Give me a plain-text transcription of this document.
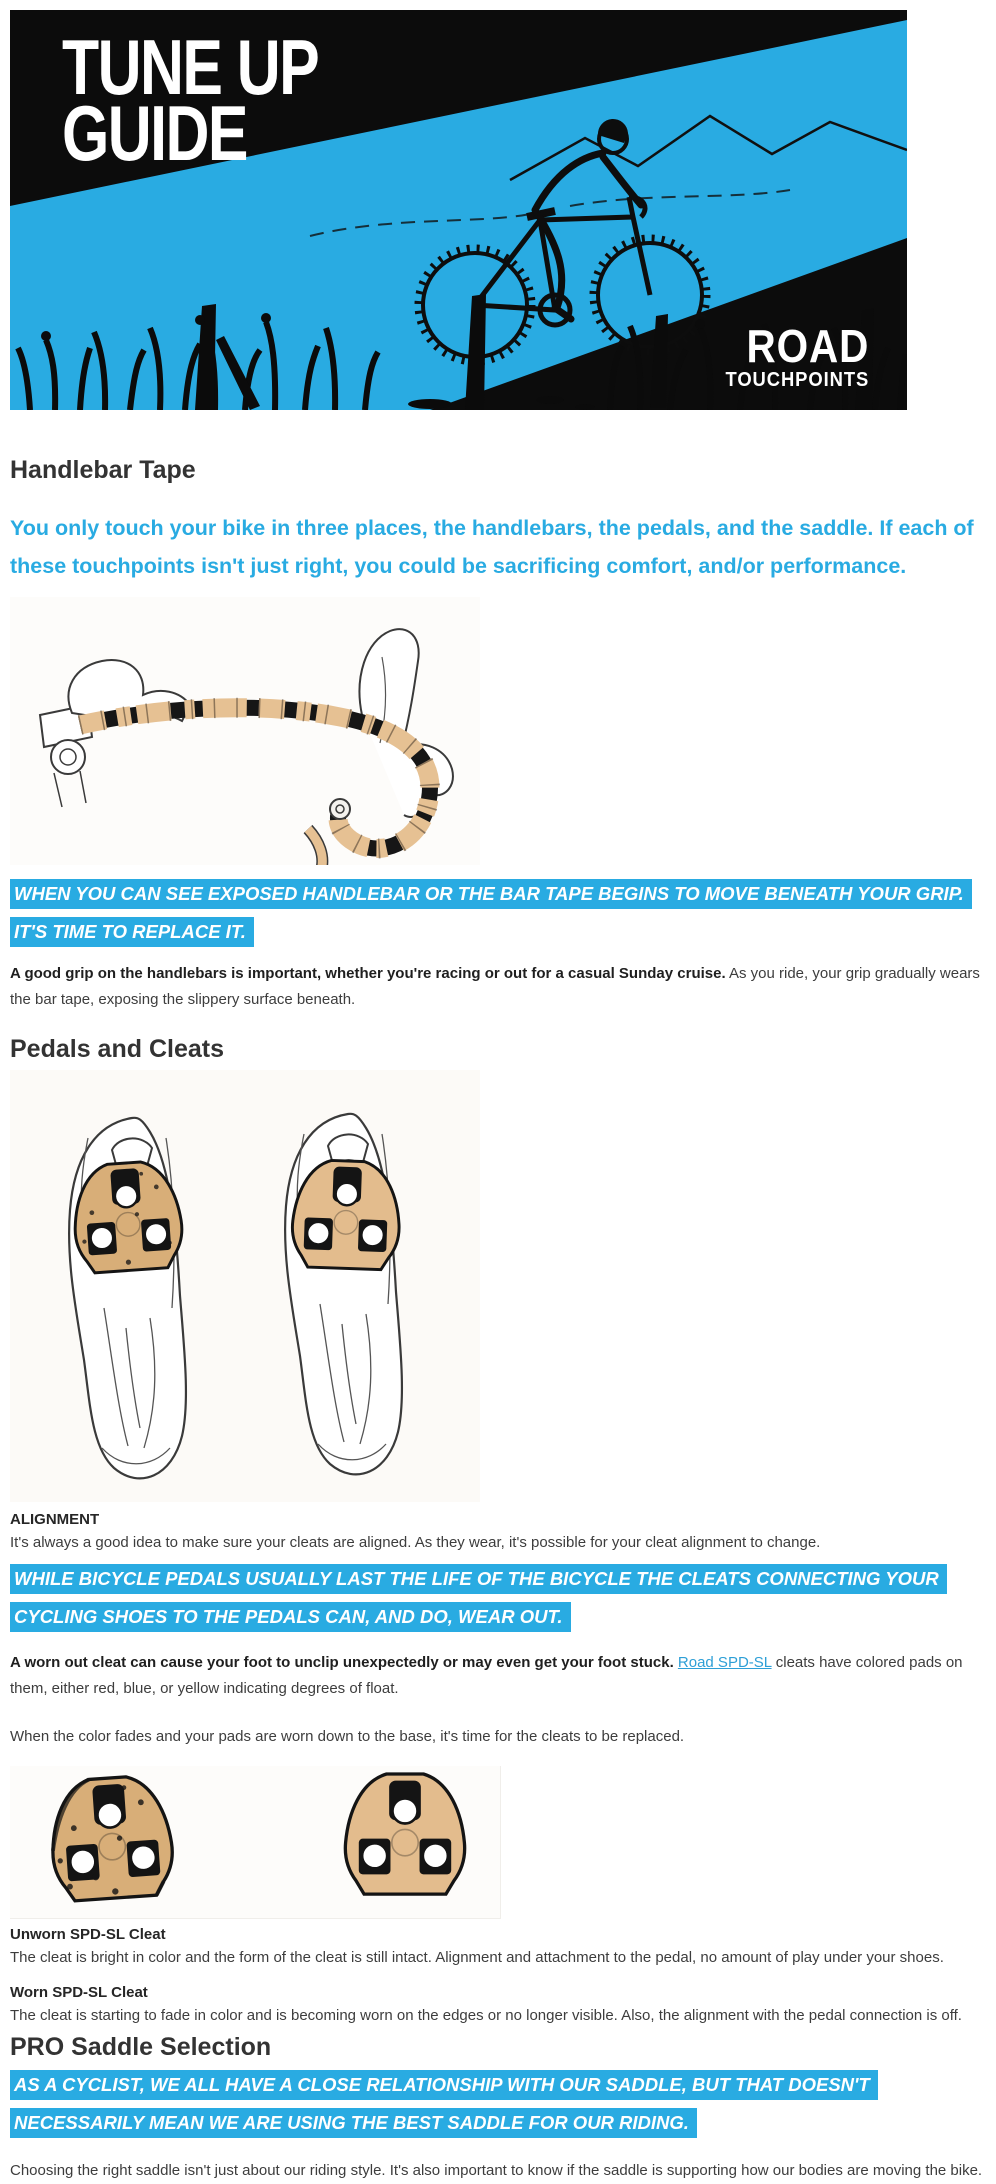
TUNE UP
GUIDE
ROAD
TOUCHPOINTS
Handlebar Tape

You only touch your bike in three places, the handlebars, the pedals, and the saddle. If each of these touchpoints isn't just right, you could be sacrificing comfort, and/or performance.

WHEN YOU CAN SEE EXPOSED HANDLEBAR OR THE BAR TAPE BEGINS TO MOVE BENEATH YOUR GRIP. IT'S TIME TO REPLACE IT.

A good grip on the handlebars is important, whether you're racing or out for a casual Sunday cruise. As you ride, your grip gradually wears the bar tape, exposing the slippery surface beneath.

Pedals and Cleats

ALIGNMENT

It's always a good idea to make sure your cleats are aligned. As they wear, it's possible for your cleat alignment to change.

WHILE BICYCLE PEDALS USUALLY LAST THE LIFE OF THE BICYCLE THE CLEATS CONNECTING YOUR CYCLING SHOES TO THE PEDALS CAN, AND DO, WEAR OUT.

A worn out cleat can cause your foot to unclip unexpectedly or may even get your foot stuck. Road SPD-SL cleats have colored pads on them, either red, blue, or yellow indicating degrees of float.

When the color fades and your pads are worn down to the base, it's time for the cleats to be replaced.

Unworn SPD-SL Cleat

The cleat is bright in color and the form of the cleat is still intact. Alignment and attachment to the pedal, no amount of play under your shoes.

Worn SPD-SL Cleat

The cleat is starting to fade in color and is becoming worn on the edges or no longer visible. Also, the alignment with the pedal connection is off.

PRO Saddle Selection

AS A CYCLIST, WE ALL HAVE A CLOSE RELATIONSHIP WITH OUR SADDLE, BUT THAT DOESN'T NECESSARILY MEAN WE ARE USING THE BEST SADDLE FOR OUR RIDING.

Choosing the right saddle isn't just about our riding style. It's also important to know if the saddle is supporting how our bodies are moving the bike.
